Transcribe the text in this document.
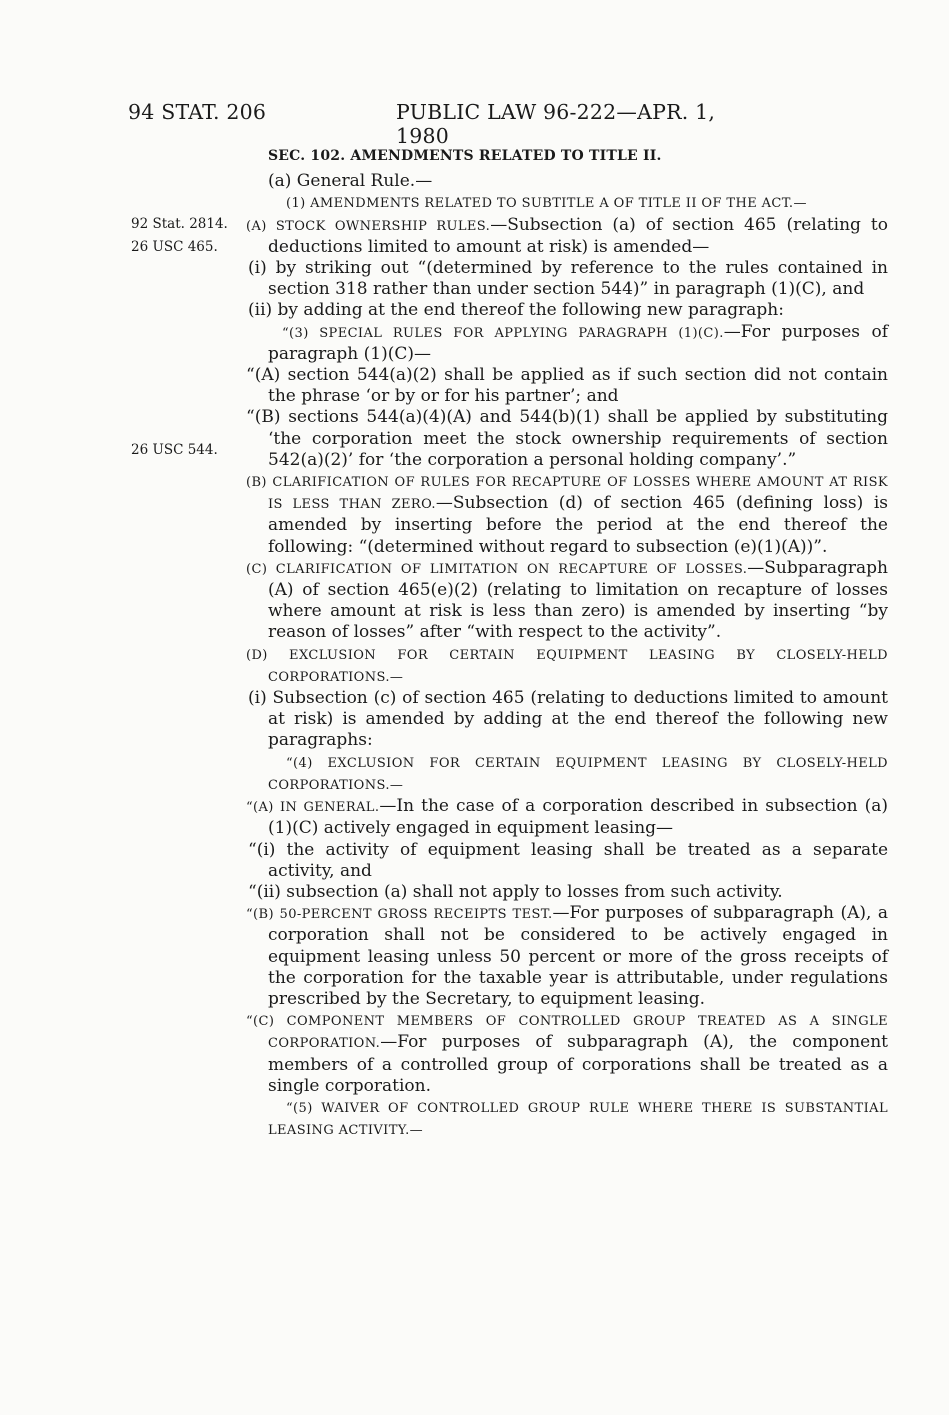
94 STAT. 206	PUBLIC LAW 96-222—APR. 1, 1980
92 Stat. 2814.
26 USC 465.
26 USC 544.

SEC. 102. AMENDMENTS RELATED TO TITLE II.

(a) General Rule.—

(1) AMENDMENTS RELATED TO SUBTITLE A OF TITLE II OF THE ACT.—

(A) STOCK OWNERSHIP RULES.—Subsection (a) of section 465 (relating to deductions limited to amount at risk) is amended—

(i) by striking out “(determined by reference to the rules contained in section 318 rather than under section 544)” in paragraph (1)(C), and

(ii) by adding at the end thereof the following new paragraph:

“(3) SPECIAL RULES FOR APPLYING PARAGRAPH (1)(C).—For purposes of paragraph (1)(C)—

“(A) section 544(a)(2) shall be applied as if such section did not contain the phrase ‘or by or for his partner’; and

“(B) sections 544(a)(4)(A) and 544(b)(1) shall be applied by substituting ‘the corporation meet the stock ownership requirements of section 542(a)(2)’ for ‘the corporation a personal holding company’.”

(B) CLARIFICATION OF RULES FOR RECAPTURE OF LOSSES WHERE AMOUNT AT RISK IS LESS THAN ZERO.—Subsection (d) of section 465 (defining loss) is amended by inserting before the period at the end thereof the following: “(determined without regard to subsection (e)(1)(A))”.

(C) CLARIFICATION OF LIMITATION ON RECAPTURE OF LOSSES.—Subparagraph (A) of section 465(e)(2) (relating to limitation on recapture of losses where amount at risk is less than zero) is amended by inserting “by reason of losses” after “with respect to the activity”.

(D) EXCLUSION FOR CERTAIN EQUIPMENT LEASING BY CLOSELY-HELD CORPORATIONS.—

(i) Subsection (c) of section 465 (relating to deductions limited to amount at risk) is amended by adding at the end thereof the following new paragraphs:

“(4) EXCLUSION FOR CERTAIN EQUIPMENT LEASING BY CLOSELY-HELD CORPORATIONS.—

“(A) IN GENERAL.—In the case of a corporation described in subsection (a)(1)(C) actively engaged in equipment leasing—

“(i) the activity of equipment leasing shall be treated as a separate activity, and

“(ii) subsection (a) shall not apply to losses from such activity.

“(B) 50-PERCENT GROSS RECEIPTS TEST.—For purposes of subparagraph (A), a corporation shall not be considered to be actively engaged in equipment leasing unless 50 percent or more of the gross receipts of the corporation for the taxable year is attributable, under regulations prescribed by the Secretary, to equipment leasing.

“(C) COMPONENT MEMBERS OF CONTROLLED GROUP TREATED AS A SINGLE CORPORATION.—For purposes of subparagraph (A), the component members of a controlled group of corporations shall be treated as a single corporation.

“(5) WAIVER OF CONTROLLED GROUP RULE WHERE THERE IS SUBSTANTIAL LEASING ACTIVITY.—
